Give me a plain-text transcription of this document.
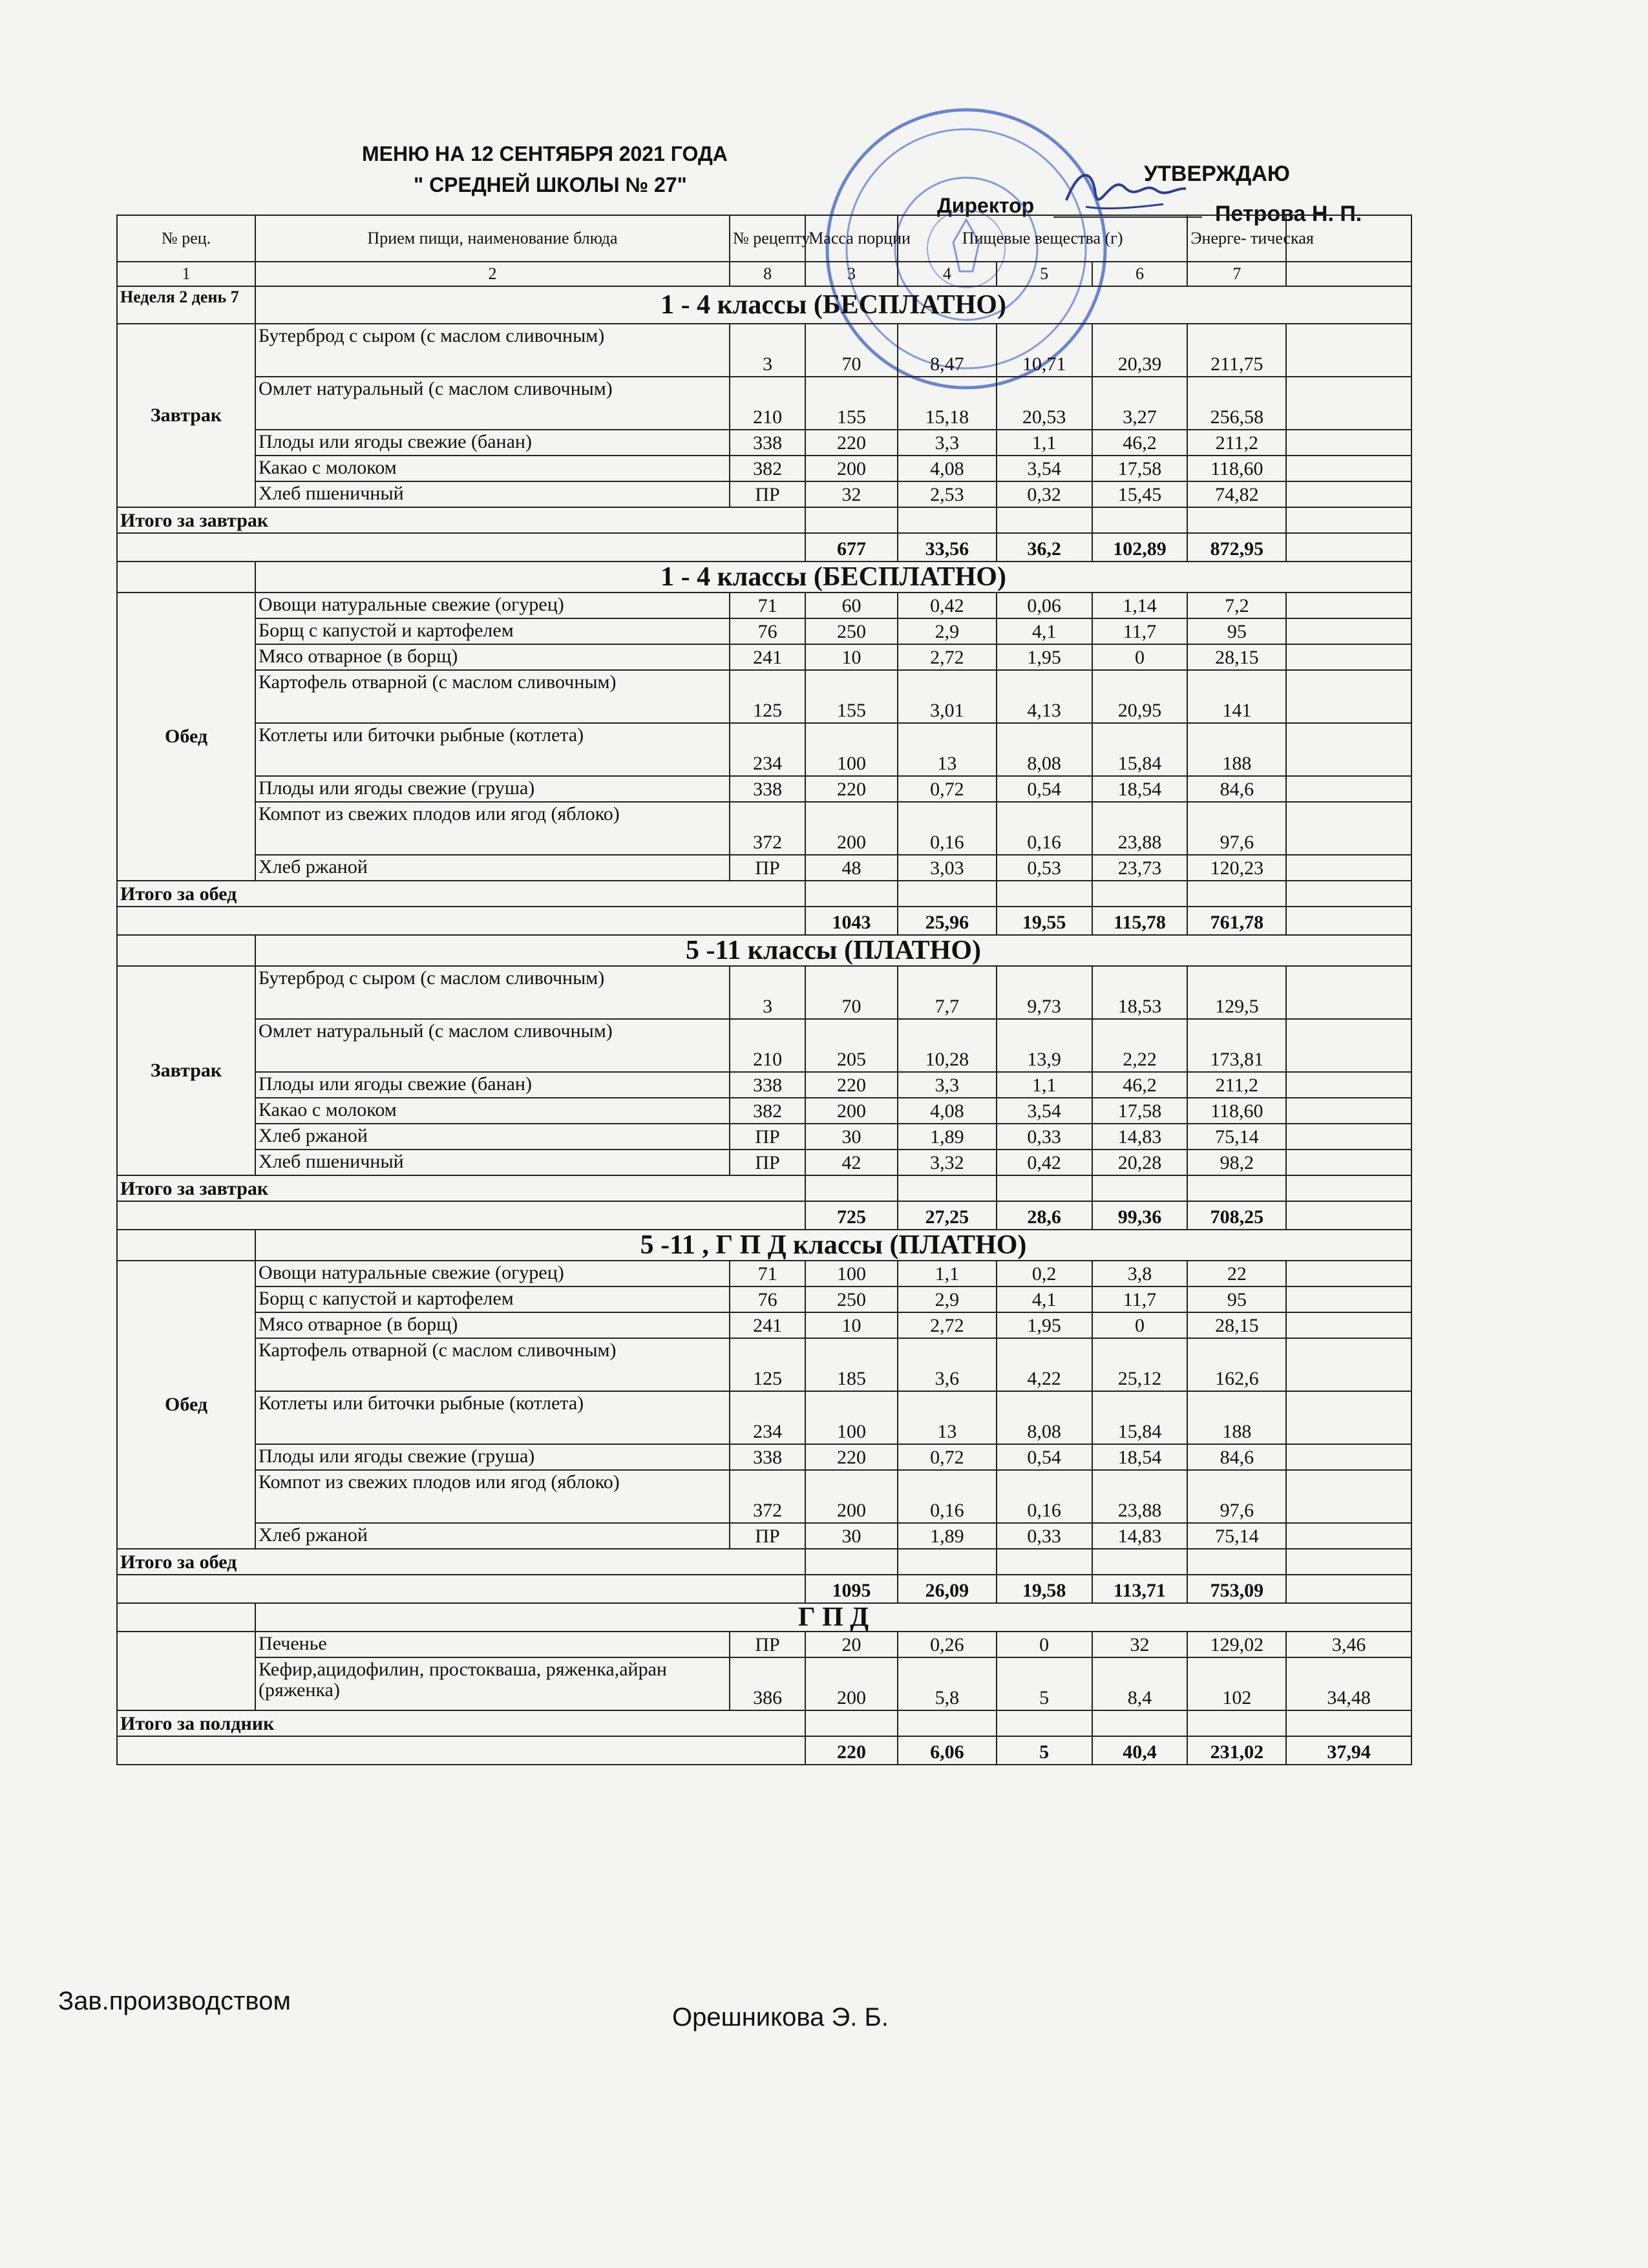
МЕНЮ НА 12 СЕНТЯБРЯ 2021 ГОДА
" СРЕДНЕЙ ШКОЛЫ № 27"	УТВЕРЖДАЮ
Директор	Петрова Н. П.
№ рец.	Прием пищи, наименование блюда	№ рецепту	Масса порции	Пищевые вещества (г)			Энерге- тическая	
1	2	8	3	4	5	6	7	
Неделя 2 день 7	1 - 4 классы (БЕСПЛАТНО)							
Завтрак	Бутерброд с сыром (с маслом сливочным)	3	70	8,47	10,71	20,39	211,75	
	Омлет натуральный (с маслом сливочным)	210	155	15,18	20,53	3,27	256,58	
	Плоды или ягоды свежие (банан)	338	220	3,3	1,1	46,2	211,2	
	Какао с молоком	382	200	4,08	3,54	17,58	118,60	
	Хлеб пшеничный	ПР	32	2,53	0,32	15,45	74,82	
Итого за завтрак								
			677	33,56	36,2	102,89	872,95	
	1 - 4 классы (БЕСПЛАТНО)							
Обед	Овощи натуральные свежие (огурец)	71	60	0,42	0,06	1,14	7,2	
	Борщ с капустой и картофелем	76	250	2,9	4,1	11,7	95	
	Мясо отварное (в борщ)	241	10	2,72	1,95	0	28,15	
	Картофель отварной (с маслом сливочным)	125	155	3,01	4,13	20,95	141	
	Котлеты или биточки рыбные (котлета)	234	100	13	8,08	15,84	188	
	Плоды или ягоды свежие (груша)	338	220	0,72	0,54	18,54	84,6	
	Компот из свежих плодов или ягод (яблоко)	372	200	0,16	0,16	23,88	97,6	
	Хлеб ржаной	ПР	48	3,03	0,53	23,73	120,23	
Итого за обед								
			1043	25,96	19,55	115,78	761,78	
	5 -11 классы (ПЛАТНО)							
Завтрак	Бутерброд с сыром (с маслом сливочным)	3	70	7,7	9,73	18,53	129,5	
	Омлет натуральный (с маслом сливочным)	210	205	10,28	13,9	2,22	173,81	
	Плоды или ягоды свежие (банан)	338	220	3,3	1,1	46,2	211,2	
	Какао с молоком	382	200	4,08	3,54	17,58	118,60	
	Хлеб ржаной	ПР	30	1,89	0,33	14,83	75,14	
	Хлеб пшеничный	ПР	42	3,32	0,42	20,28	98,2	
Итого за завтрак								
			725	27,25	28,6	99,36	708,25	
	5 -11 , Г П Д классы (ПЛАТНО)							
Обед	Овощи натуральные свежие (огурец)	71	100	1,1	0,2	3,8	22	
	Борщ с капустой и картофелем	76	250	2,9	4,1	11,7	95	
	Мясо отварное (в борщ)	241	10	2,72	1,95	0	28,15	
	Картофель отварной (с маслом сливочным)	125	185	3,6	4,22	25,12	162,6	
	Котлеты или биточки рыбные (котлета)	234	100	13	8,08	15,84	188	
	Плоды или ягоды свежие (груша)	338	220	0,72	0,54	18,54	84,6	
	Компот из свежих плодов или ягод (яблоко)	372	200	0,16	0,16	23,88	97,6	
	Хлеб ржаной	ПР	30	1,89	0,33	14,83	75,14	
Итого за обед								
			1095	26,09	19,58	113,71	753,09	
	Г П Д							
	Печенье	ПР	20	0,26	0	32	129,02	3,46
	Кефир,ацидофилин, простокваша, ряженка,айран (ряженка)	386	200	5,8	5	8,4	102	34,48
Итого за полдник								
			220	6,06	5	40,4	231,02	37,94
Зав.производством
Орешникова Э. Б.
